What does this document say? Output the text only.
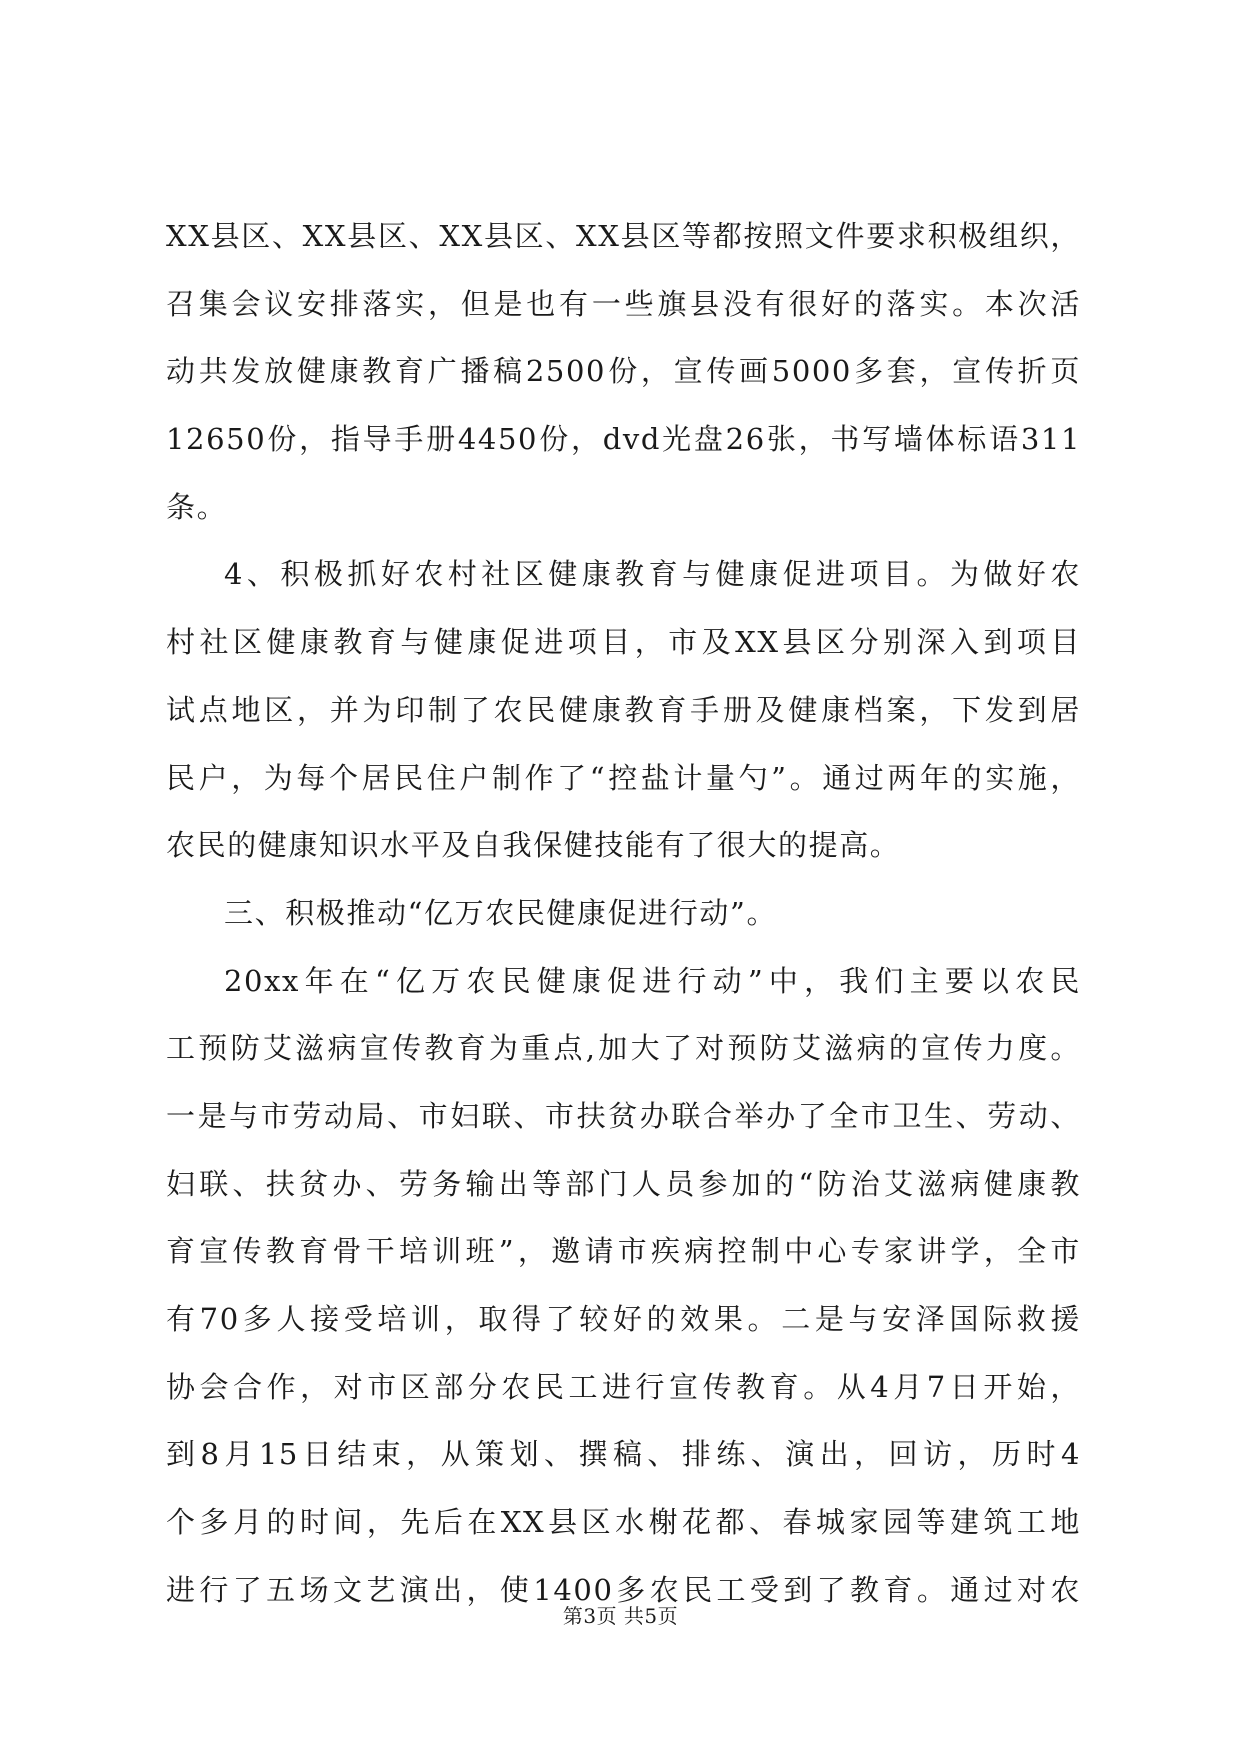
XX县区、XX县区、XX县区、XX县区等都按照文件要求积极组织，
召集会议安排落实，但是也有一些旗县没有很好的落实。本次活
动共发放健康教育广播稿2500份，宣传画5000多套，宣传折页
12650份，指导手册4450份，dvd光盘26张，书写墙体标语311
条。
4、积极抓好农村社区健康教育与健康促进项目。为做好农
村社区健康教育与健康促进项目，市及XX县区分别深入到项目
试点地区，并为印制了农民健康教育手册及健康档案，下发到居
民户，为每个居民住户制作了“控盐计量勺”。通过两年的实施，
农民的健康知识水平及自我保健技能有了很大的提高。
三、积极推动“亿万农民健康促进行动”。
20xx年在“亿万农民健康促进行动”中，我们主要以农民
工预防艾滋病宣传教育为重点,加大了对预防艾滋病的宣传力度。
一是与市劳动局、市妇联、市扶贫办联合举办了全市卫生、劳动、
妇联、扶贫办、劳务输出等部门人员参加的“防治艾滋病健康教
育宣传教育骨干培训班”，邀请市疾病控制中心专家讲学，全市
有70多人接受培训，取得了较好的效果。二是与安泽国际救援
协会合作，对市区部分农民工进行宣传教育。从4月7日开始，
到8月15日结束，从策划、撰稿、排练、演出，回访，历时4
个多月的时间，先后在XX县区水榭花都、春城家园等建筑工地
进行了五场文艺演出，使1400多农民工受到了教育。通过对农
第3页 共5页
